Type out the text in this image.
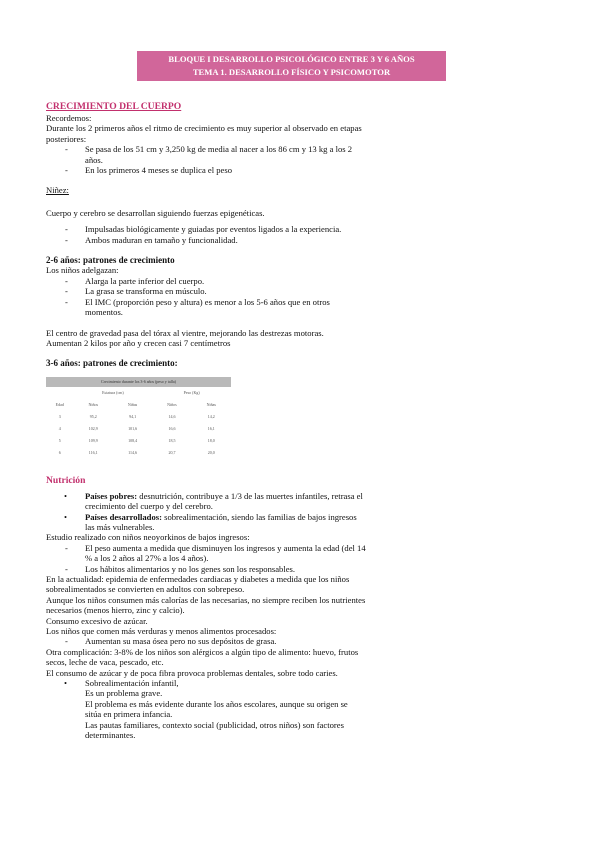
BLOQUE I DESARROLLO PSICOLÓGICO ENTRE 3 Y 6 AÑOS
TEMA 1. DESARROLLO FÍSICO Y PSICOMOTOR

CRECIMIENTO DEL CUERPO

Recordemos:

Durante los 2 primeros años el ritmo de crecimiento es muy superior al observado en etapas posteriores:

- Se pasa de los 51 cm y 3,250 kg de media al nacer a los 86 cm y 13 kg a los 2 años.

- En los primeros 4 meses se duplica el peso

Niñez:

Cuerpo y cerebro se desarrollan siguiendo fuerzas epigenéticas.

- Impulsadas biológicamente y guiadas por eventos ligados a la experiencia.

- Ambos maduran en tamaño y funcionalidad.

2-6 años: patrones de crecimiento

Los niños adelgazan:

- Alarga la parte inferior del cuerpo.

- La grasa se transforma en músculo.

- El IMC (proporción peso y altura) es menor a los 5-6 años que en otros momentos.

El centro de gravedad pasa del tórax al vientre, mejorando las destrezas motoras.

Aumentan 2 kilos por año y crecen casi 7 centímetros

3-6 años: patrones de crecimiento:

Crecimiento durante los 3-6 años (peso y talla)
Estatura (cm)	Peso (Kg)
Edad	Niños	Niñas	Niños	Niñas
3	95,2	94,1	14,6	14,2
4	102,9	101,6	16,6	16,1
5	109,9	108,4	18,5	18,0
6	116,1	114,6	20,7	20,0

Nutrición

• Países pobres: desnutrición, contribuye a 1/3 de las muertes infantiles, retrasa el crecimiento del cuerpo y del cerebro.

• Países desarrollados: sobrealimentación, siendo las familias de bajos ingresos las más vulnerables.

Estudio realizado con niños neoyorkinos de bajos ingresos:

- El peso aumenta a medida que disminuyen los ingresos y aumenta la edad (del 14 % a los 2 años al 27% a los 4 años).

- Los hábitos alimentarios y no los genes son los responsables.

En la actualidad: epidemia de enfermedades cardiacas y diabetes a medida que los niños sobrealimentados se convierten en adultos con sobrepeso.

Aunque los niños consumen más calorías de las necesarias, no siempre reciben los nutrientes necesarios (menos hierro, zinc y calcio).

Consumo excesivo de azúcar.

Los niños que comen más verduras y menos alimentos procesados:

- Aumentan su masa ósea pero no sus depósitos de grasa.

Otra complicación: 3-8% de los niños son alérgicos a algún tipo de alimento: huevo, frutos secos, leche de vaca, pescado, etc.

El consumo de azúcar y de poca fibra provoca problemas dentales, sobre todo caries.

• Sobrealimentación infantil,

Es un problema grave.

El problema es más evidente durante los años escolares, aunque su origen se sitúa en primera infancia.

Las pautas familiares, contexto social (publicidad, otros niños) son factores determinantes.
